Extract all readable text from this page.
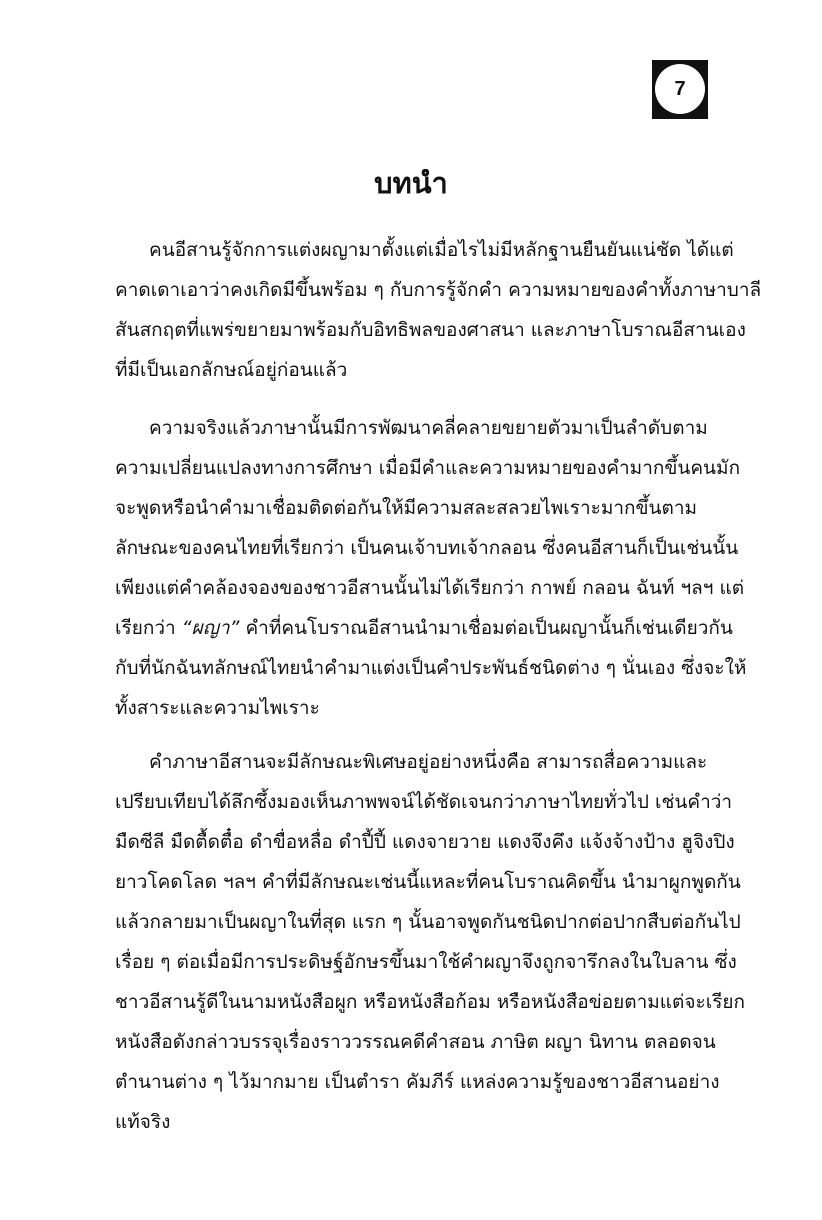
7
บทนำ
คนอีสานรู้จักการแต่งผญามาตั้งแต่เมื่อไรไม่มีหลักฐานยืนยันแน่ชัด ได้แต่
คาดเดาเอาว่าคงเกิดมีขึ้นพร้อม ๆ กับการรู้จักคำ ความหมายของคำทั้งภาษาบาลี
สันสกฤตที่แพร่ขยายมาพร้อมกับอิทธิพลของศาสนา และภาษาโบราณอีสานเอง
ที่มีเป็นเอกลักษณ์อยู่ก่อนแล้ว
ความจริงแล้วภาษานั้นมีการพัฒนาคลี่คลายขยายตัวมาเป็นลำดับตาม
ความเปลี่ยนแปลงทางการศึกษา เมื่อมีคำและความหมายของคำมากขึ้นคนมัก
จะพูดหรือนำคำมาเชื่อมติดต่อกันให้มีความสละสลวยไพเราะมากขึ้นตาม
ลักษณะของคนไทยที่เรียกว่า เป็นคนเจ้าบทเจ้ากลอน ซึ่งคนอีสานก็เป็นเช่นนั้น
เพียงแต่คำคล้องจองของชาวอีสานนั้นไม่ได้เรียกว่า กาพย์ กลอน ฉันท์ ฯลฯ แต่
เรียกว่า “ผญา” คำที่คนโบราณอีสานนำมาเชื่อมต่อเป็นผญานั้นก็เช่นเดียวกัน
กับที่นักฉันทลักษณ์ไทยนำคำมาแต่งเป็นคำประพันธ์ชนิดต่าง ๆ นั่นเอง ซึ่งจะให้
ทั้งสาระและความไพเราะ
คำภาษาอีสานจะมีลักษณะพิเศษอยู่อย่างหนึ่งคือ สามารถสื่อความและ
เปรียบเทียบได้ลึกซึ้งมองเห็นภาพพจน์ได้ชัดเจนกว่าภาษาไทยทั่วไป เช่นคำว่า
มืดซีลี มืดตื้ดตื๋อ ดำขื่อหลื่อ ดำปี้ปี้ แดงจายวาย แดงจึงคึง แจ้งจ้างป้าง ฮูจิงปิง
ยาวโคดโลด ฯลฯ คำที่มีลักษณะเช่นนี้แหละที่คนโบราณคิดขึ้น นำมาผูกพูดกัน
แล้วกลายมาเป็นผญาในที่สุด แรก ๆ นั้นอาจพูดกันชนิดปากต่อปากสืบต่อกันไป
เรื่อย ๆ ต่อเมื่อมีการประดิษฐ์อักษรขึ้นมาใช้คำผญาจึงถูกจารึกลงในใบลาน ซึ่ง
ชาวอีสานรู้ดีในนามหนังสือผูก หรือหนังสือก้อม หรือหนังสือข่อยตามแต่จะเรียก
หนังสือดังกล่าวบรรจุเรื่องราววรรณคดีคำสอน ภาษิต ผญา นิทาน ตลอดจน
ตำนานต่าง ๆ ไว้มากมาย เป็นตำรา คัมภีร์ แหล่งความรู้ของชาวอีสานอย่าง
แท้จริง
